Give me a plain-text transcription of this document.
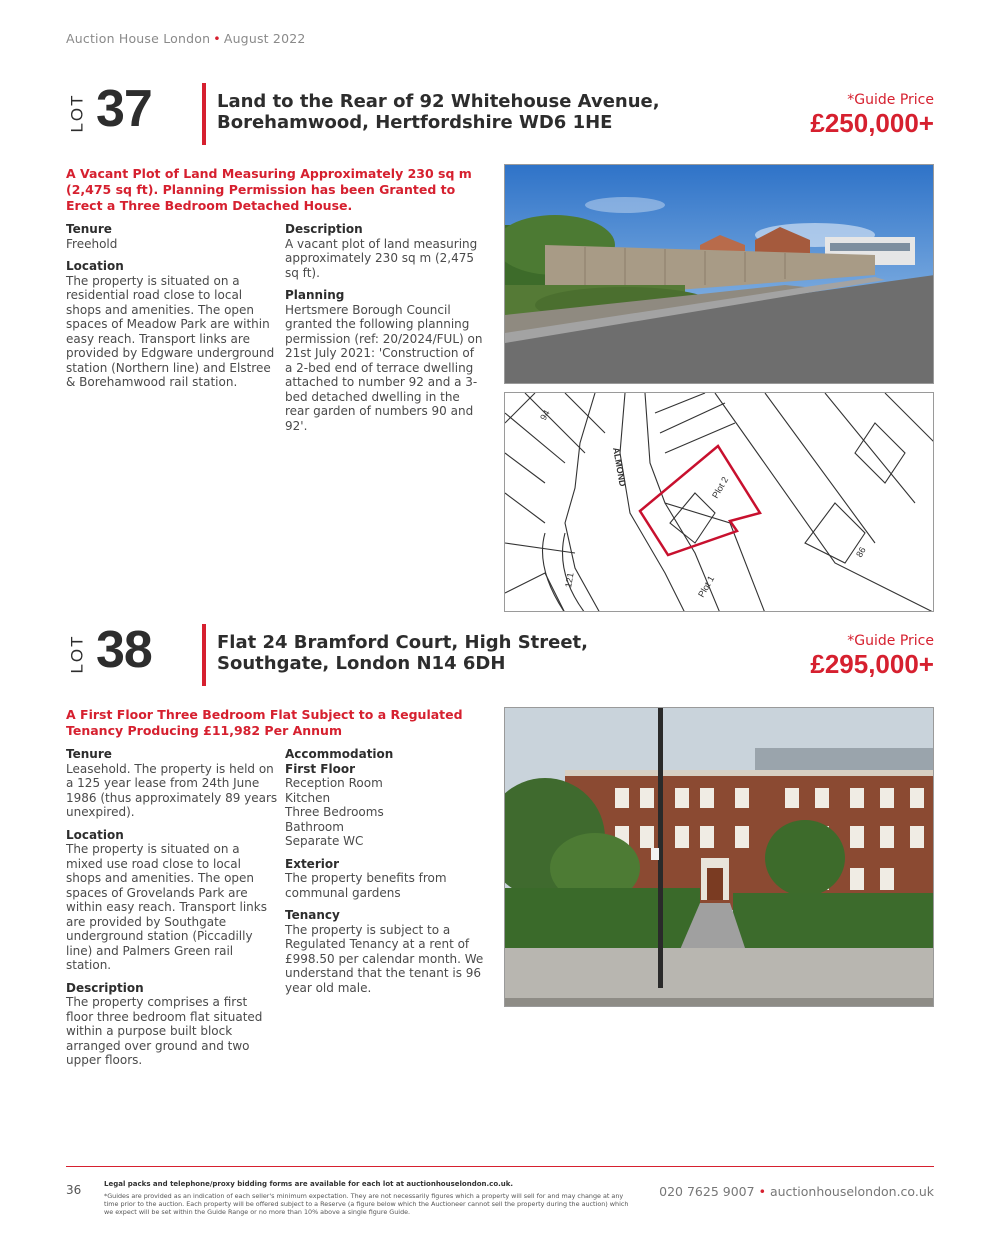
Auction House London • August 2022
LOT 37	Land to the Rear of 92 Whitehouse Avenue, Borehamwood, Hertfordshire WD6 1HE
*Guide Price
£250,000+
A Vacant Plot of Land Measuring Approximately 230 sq m (2,475 sq ft). Planning Permission has been Granted to Erect a Three Bedroom Detached House.
Tenure

Freehold

Location

The property is situated on a residential road close to local shops and amenities. The open spaces of Meadow Park are within easy reach. Transport links are provided by Edgware underground station (Northern line) and Elstree & Borehamwood rail station.

Description

A vacant plot of land measuring approximately 230 sq m (2,475 sq ft).

Planning

Hertsmere Borough Council granted the following planning permission (ref: 20/2024/FUL) on 21st July 2021: 'Construction of a 2-bed end of terrace dwelling attached to number 92 and a 3-bed detached dwelling in the rear garden of numbers 90 and 92'.

94
ALMOND
Plot 2
Plot 1
121
86
LOT 38	Flat 24 Bramford Court, High Street, Southgate, London N14 6DH
*Guide Price
£295,000+
A First Floor Three Bedroom Flat Subject to a Regulated Tenancy Producing £11,982 Per Annum
Tenure

Leasehold. The property is held on a 125 year lease from 24th June 1986 (thus approximately 89 years unexpired).

Location

The property is situated on a mixed use road close to local shops and amenities. The open spaces of Grovelands Park are within easy reach. Transport links are provided by Southgate underground station (Piccadilly line) and Palmers Green rail station.

Description

The property comprises a first floor three bedroom flat situated within a purpose built block arranged over ground and two upper floors.

Accommodation
First Floor

Reception Room

Kitchen

Three Bedrooms

Bathroom

Separate WC

Exterior

The property benefits from communal gardens

Tenancy

The property is subject to a Regulated Tenancy at a rent of £998.50 per calendar month. We understand that the tenant is 96 year old male.

36	Legal packs and telephone/proxy bidding forms are available for each lot at auctionhouselondon.co.uk.
*Guides are provided as an indication of each seller's minimum expectation. They are not necessarily figures which a property will sell for and may change at any time prior to the auction. Each property will be offered subject to a Reserve (a figure below which the Auctioneer cannot sell the property during the auction) which we expect will be set within the Guide Range or no more than 10% above a single figure Guide.
020 7625 9007 • auctionhouselondon.co.uk
